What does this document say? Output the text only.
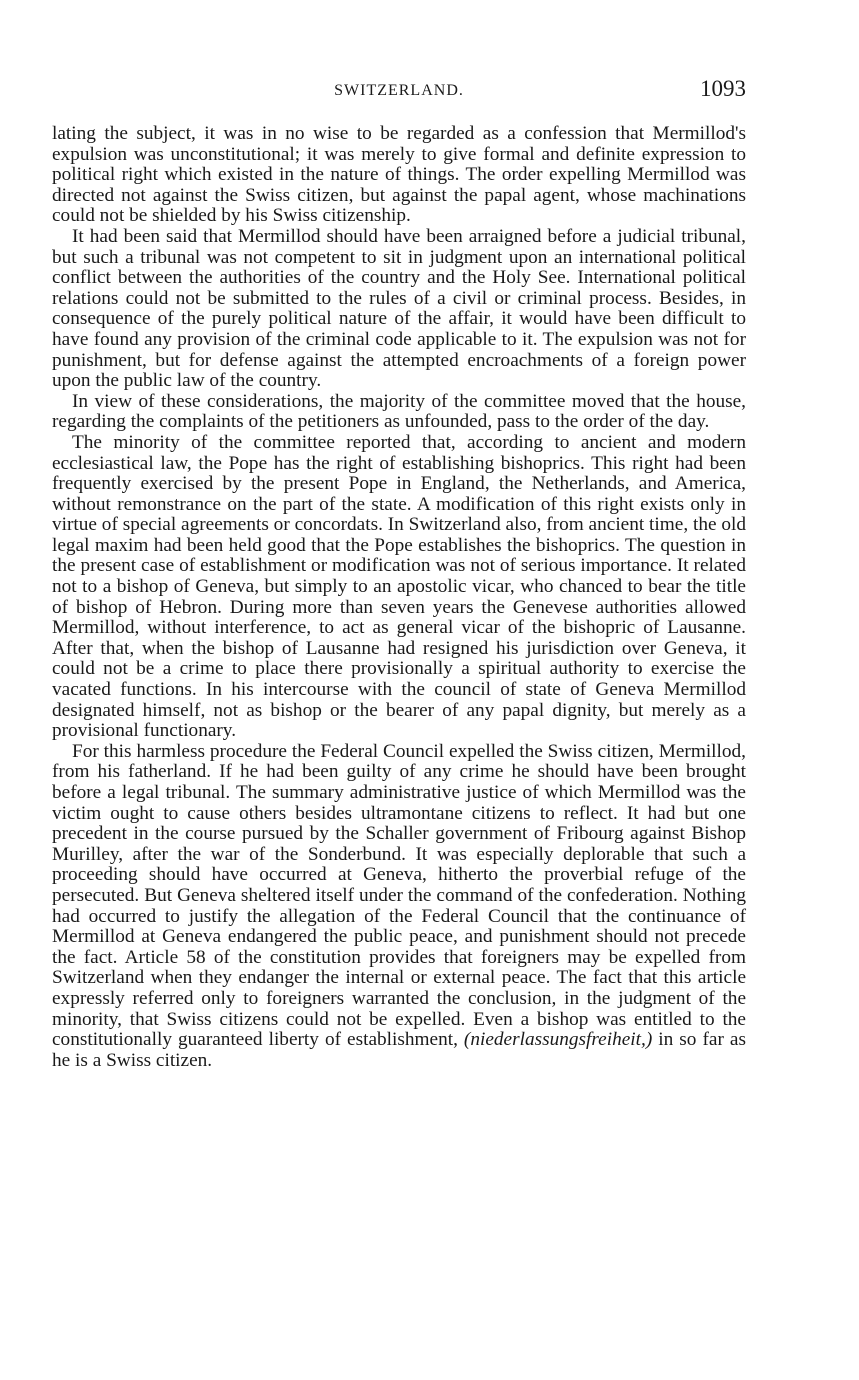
SWITZERLAND.	1093

lating the subject, it was in no wise to be regarded as a confession that Mermillod's expulsion was unconstitutional; it was merely to give formal and definite expression to political right which existed in the nature of things. The order expelling Mermillod was directed not against the Swiss citizen, but against the papal agent, whose machinations could not be shielded by his Swiss citizenship.

It had been said that Mermillod should have been arraigned before a judicial tribunal, but such a tribunal was not competent to sit in judgment upon an international political conflict between the authorities of the country and the Holy See. International political relations could not be submitted to the rules of a civil or criminal process. Besides, in consequence of the purely political nature of the affair, it would have been difficult to have found any provision of the criminal code applicable to it. The expulsion was not for punishment, but for defense against the attempted encroachments of a foreign power upon the public law of the country.

In view of these considerations, the majority of the committee moved that the house, regarding the complaints of the petitioners as unfounded, pass to the order of the day.

The minority of the committee reported that, according to ancient and modern ecclesiastical law, the Pope has the right of establishing bishoprics. This right had been frequently exercised by the present Pope in England, the Netherlands, and America, without remonstrance on the part of the state. A modification of this right exists only in virtue of special agreements or concordats. In Switzerland also, from ancient time, the old legal maxim had been held good that the Pope establishes the bishoprics. The question in the present case of establishment or modification was not of serious importance. It related not to a bishop of Geneva, but simply to an apostolic vicar, who chanced to bear the title of bishop of Hebron. During more than seven years the Genevese authorities allowed Mermillod, without interference, to act as general vicar of the bishopric of Lausanne. After that, when the bishop of Lausanne had resigned his jurisdiction over Geneva, it could not be a crime to place there provisionally a spiritual authority to exercise the vacated functions. In his intercourse with the council of state of Geneva Mermillod designated himself, not as bishop or the bearer of any papal dignity, but merely as a provisional functionary.

For this harmless procedure the Federal Council expelled the Swiss citizen, Mermillod, from his fatherland. If he had been guilty of any crime he should have been brought before a legal tribunal. The summary administrative justice of which Mermillod was the victim ought to cause others besides ultramontane citizens to reflect. It had but one precedent in the course pursued by the Schaller government of Fribourg against Bishop Murilley, after the war of the Sonderbund. It was especially deplorable that such a proceeding should have occurred at Geneva, hitherto the proverbial refuge of the persecuted. But Geneva sheltered itself under the command of the confederation. Nothing had occurred to justify the allegation of the Federal Council that the continuance of Mermillod at Geneva endangered the public peace, and punishment should not precede the fact. Article 58 of the constitution provides that foreigners may be expelled from Switzerland when they endanger the internal or external peace. The fact that this article expressly referred only to foreigners warranted the conclusion, in the judgment of the minority, that Swiss citizens could not be expelled. Even a bishop was entitled to the constitutionally guaranteed liberty of establishment, (niederlassungsfreiheit,) in so far as he is a Swiss citizen.
